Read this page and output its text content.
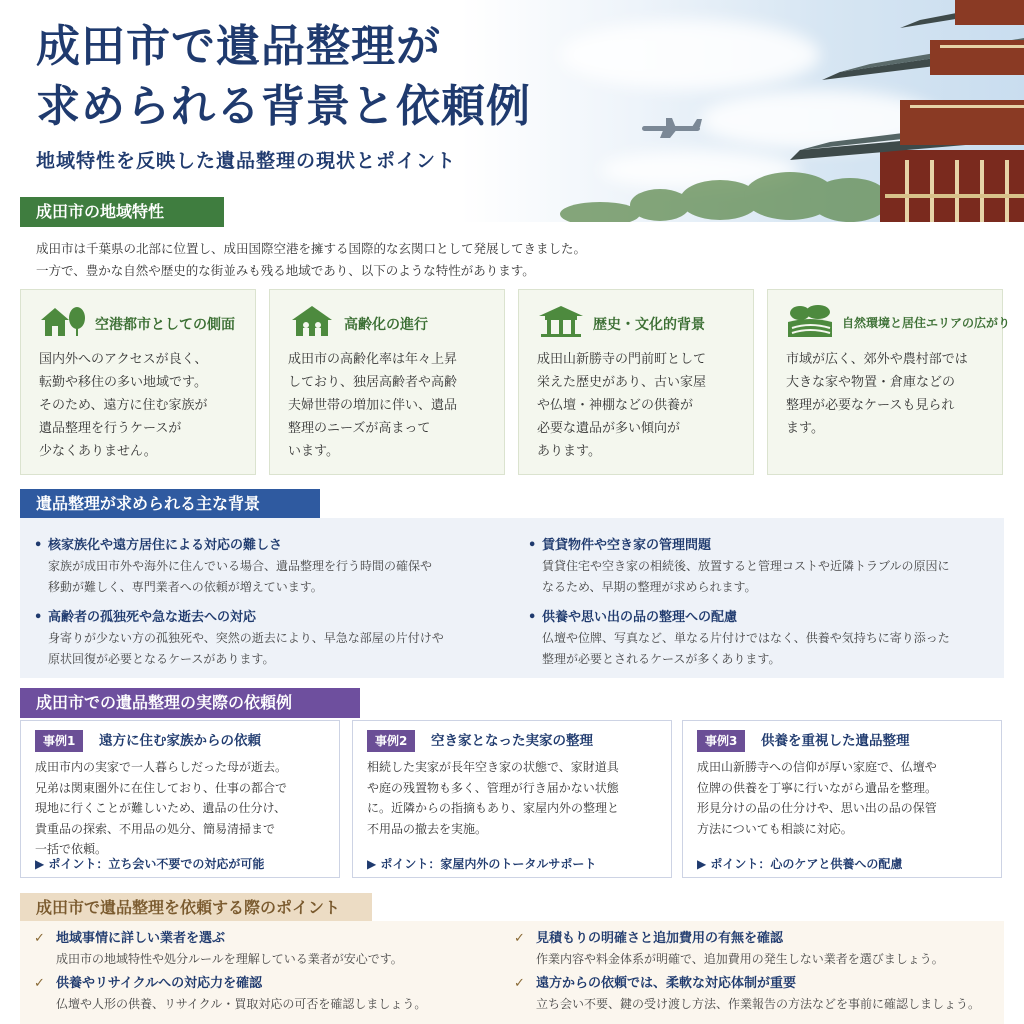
成田市で遺品整理が
求められる背景と依頼例
地域特性を反映した遺品整理の現状とポイント
成田市の地域特性
成田市は千葉県の北部に位置し、成田国際空港を擁する国際的な玄関口として発展してきました。
一方で、豊かな自然や歴史的な街並みも残る地域であり、以下のような特性があります。
空港都市としての側面
国内外へのアクセスが良く、
転勤や移住の多い地域です。
そのため、遠方に住む家族が
遺品整理を行うケースが
少なくありません。
高齢化の進行
成田市の高齢化率は年々上昇
しており、独居高齢者や高齢
夫婦世帯の増加に伴い、遺品
整理のニーズが高まって
います。
歴史・文化的背景
成田山新勝寺の門前町として
栄えた歴史があり、古い家屋
や仏壇・神棚などの供養が
必要な遺品が多い傾向が
あります。
自然環境と居住エリアの広がり
市域が広く、郊外や農村部では
大きな家や物置・倉庫などの
整理が必要なケースも見られ
ます。
遺品整理が求められる主な背景
• 核家族化や遠方居住による対応の難しさ
家族が成田市外や海外に住んでいる場合、遺品整理を行う時間の確保や
移動が難しく、専門業者への依頼が増えています。
• 賃貸物件や空き家の管理問題
賃貸住宅や空き家の相続後、放置すると管理コストや近隣トラブルの原因に
なるため、早期の整理が求められます。
• 高齢者の孤独死や急な逝去への対応
身寄りが少ない方の孤独死や、突然の逝去により、早急な部屋の片付けや
原状回復が必要となるケースがあります。
• 供養や思い出の品の整理への配慮
仏壇や位牌、写真など、単なる片付けではなく、供養や気持ちに寄り添った
整理が必要とされるケースが多くあります。
成田市での遺品整理の実際の依頼例
事例1	遠方に住む家族からの依頼
成田市内の実家で一人暮らしだった母が逝去。
兄弟は関東圏外に在住しており、仕事の都合で
現地に行くことが難しいため、遺品の仕分け、
貴重品の探索、不用品の処分、簡易清掃まで
一括で依頼。
▶ ポイント：立ち会い不要での対応が可能
事例2	空き家となった実家の整理
相続した実家が長年空き家の状態で、家財道具
や庭の残置物も多く、管理が行き届かない状態
に。近隣からの指摘もあり、家屋内外の整理と
不用品の撤去を実施。
▶ ポイント：家屋内外のトータルサポート
事例3	供養を重視した遺品整理
成田山新勝寺への信仰が厚い家庭で、仏壇や
位牌の供養を丁寧に行いながら遺品を整理。
形見分けの品の仕分けや、思い出の品の保管
方法についても相談に対応。
▶ ポイント：心のケアと供養への配慮
成田市で遺品整理を依頼する際のポイント
✓ 地域事情に詳しい業者を選ぶ
成田市の地域特性や処分ルールを理解している業者が安心です。
✓ 見積もりの明確さと追加費用の有無を確認
作業内容や料金体系が明確で、追加費用の発生しない業者を選びましょう。
✓ 供養やリサイクルへの対応力を確認
仏壇や人形の供養、リサイクル・買取対応の可否を確認しましょう。
✓ 遠方からの依頼では、柔軟な対応体制が重要
立ち会い不要、鍵の受け渡し方法、作業報告の方法などを事前に確認しましょう。
